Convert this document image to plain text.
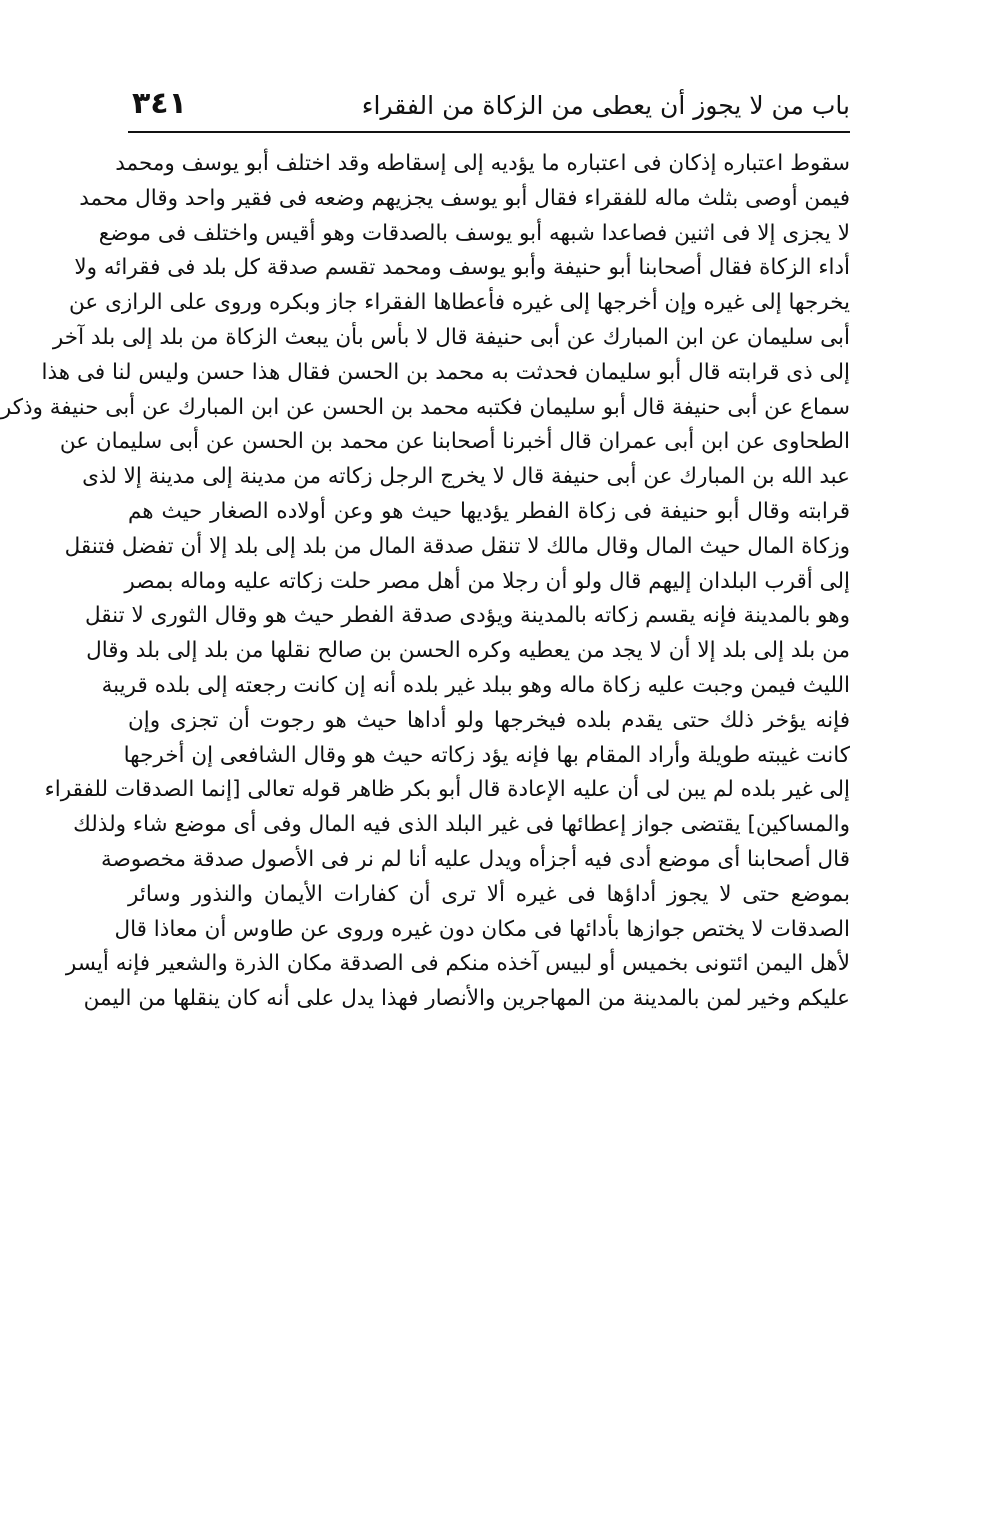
باب من لا يجوز أن يعطى من الزكاة من الفقراء
٣٤١
سقوط اعتباره إذكان فى اعتباره ما يؤديه إلى إسقاطه وقد اختلف أبو يوسف ومحمد
فيمن أوصى بثلث ماله للفقراء فقال أبو يوسف يجزيهم وضعه فى فقير واحد وقال محمد
لا يجزى إلا فى اثنين فصاعدا شبهه أبو يوسف بالصدقات وهو أقيس واختلف فى موضع
أداء الزكاة فقال أصحابنا أبو حنيفة وأبو يوسف ومحمد تقسم صدقة كل بلد فى فقرائه ولا
يخرجها إلى غيره وإن أخرجها إلى غيره فأعطاها الفقراء جاز وبكره وروى على الرازى عن
أبى سليمان عن ابن المبارك عن أبى حنيفة قال لا بأس بأن يبعث الزكاة من بلد إلى بلد آخر
إلى ذى قرابته قال أبو سليمان فحدثت به محمد بن الحسن فقال هذا حسن وليس لنا فى هذا
سماع عن أبى حنيفة قال أبو سليمان فكتبه محمد بن الحسن عن ابن المبارك عن أبى حنيفة وذكر
الطحاوى عن ابن أبى عمران قال أخبرنا أصحابنا عن محمد بن الحسن عن أبى سليمان عن
عبد الله بن المبارك عن أبى حنيفة قال لا يخرج الرجل زكاته من مدينة إلى مدينة إلا لذى
قرابته وقال أبو حنيفة فى زكاة الفطر يؤديها حيث هو وعن أولاده الصغار حيث هم
وزكاة المال حيث المال وقال مالك لا تنقل صدقة المال من بلد إلى بلد إلا أن تفضل فتنقل
إلى أقرب البلدان إليهم قال ولو أن رجلا من أهل مصر حلت زكاته عليه وماله بمصر
وهو بالمدينة فإنه يقسم زكاته بالمدينة ويؤدى صدقة الفطر حيث هو وقال الثورى لا تنقل
من بلد إلى بلد إلا أن لا يجد من يعطيه وكره الحسن بن صالح نقلها من بلد إلى بلد وقال
الليث فيمن وجبت عليه زكاة ماله وهو ببلد غير بلده أنه إن كانت رجعته إلى بلده قريبة
فإنه يؤخر ذلك حتى يقدم بلده فيخرجها ولو أداها حيث هو رجوت أن تجزى وإن
كانت غيبته طويلة وأراد المقام بها فإنه يؤد زكاته حيث هو وقال الشافعى إن أخرجها
إلى غير بلده لم يبن لى أن عليه الإعادة قال أبو بكر ظاهر قوله تعالى [إنما الصدقات للفقراء
والمساكين] يقتضى جواز إعطائها فى غير البلد الذى فيه المال وفى أى موضع شاء ولذلك
قال أصحابنا أى موضع أدى فيه أجزأه ويدل عليه أنا لم نر فى الأصول صدقة مخصوصة
بموضع حتى لا يجوز أداؤها فى غيره ألا ترى أن كفارات الأيمان والنذور وسائر
الصدقات لا يختص جوازها بأدائها فى مكان دون غيره وروى عن طاوس أن معاذا قال
لأهل اليمن ائتونى بخميس أو لبيس آخذه منكم فى الصدقة مكان الذرة والشعير فإنه أيسر
عليكم وخير لمن بالمدينة من المهاجرين والأنصار فهذا يدل على أنه كان ينقلها من اليمن
